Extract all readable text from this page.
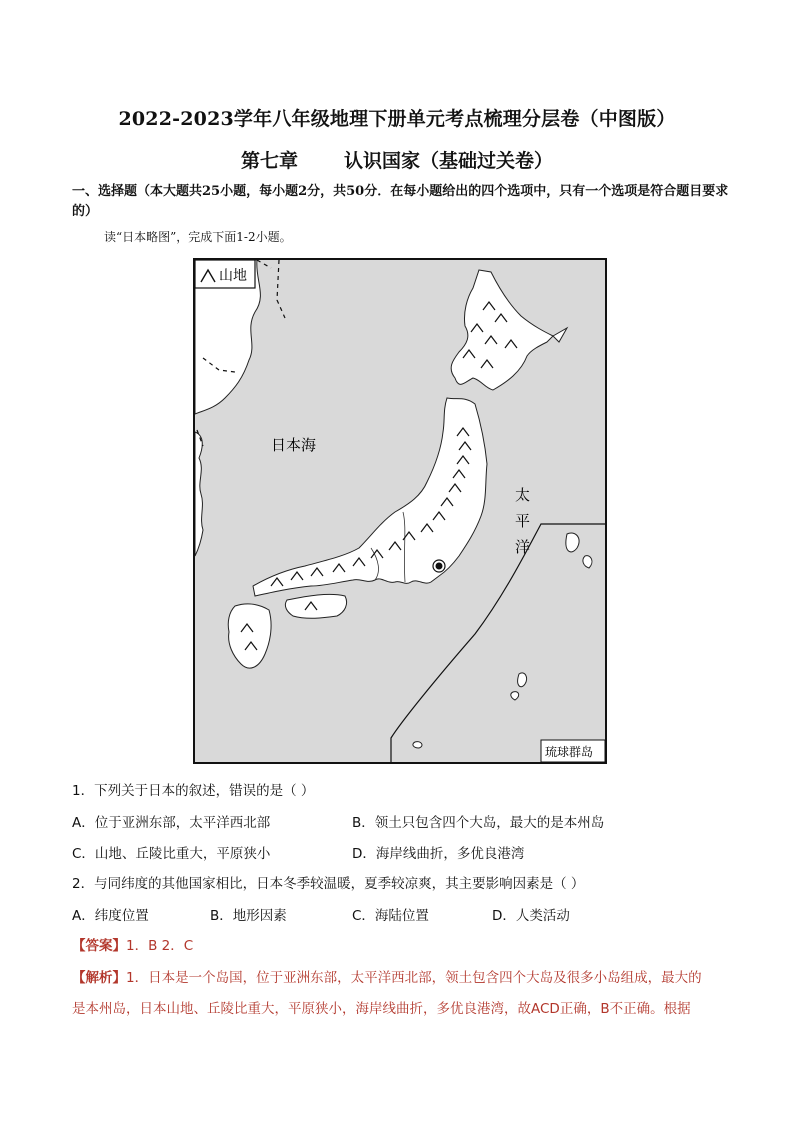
2022-2023学年八年级地理下册单元考点梳理分层卷（中图版）
第七章 认识国家（基础过关卷）
一、选择题（本大题共25小题，每小题2分，共50分．在每小题给出的四个选项中，只有一个选项是符合题目要求的）
读“日本略图”，完成下面1-2小题。
山地
日本海
太
平
洋
琉球群岛
1．下列关于日本的叙述，错误的是（ ）
A．位于亚洲东部，太平洋西北部	B．领土只包含四个大岛，最大的是本州岛
C．山地、丘陵比重大，平原狭小	D．海岸线曲折，多优良港湾
2．与同纬度的其他国家相比，日本冬季较温暖，夏季较凉爽，其主要影响因素是（ ）
A．纬度位置	B．地形因素	C．海陆位置	D．人类活动
【答案】1．B 2．C
【解析】1．日本是一个岛国，位于亚洲东部，太平洋西北部，领土包含四个大岛及很多小岛组成，最大的
是本州岛，日本山地、丘陵比重大，平原狭小，海岸线曲折，多优良港湾，故ACD正确，B不正确。根据
